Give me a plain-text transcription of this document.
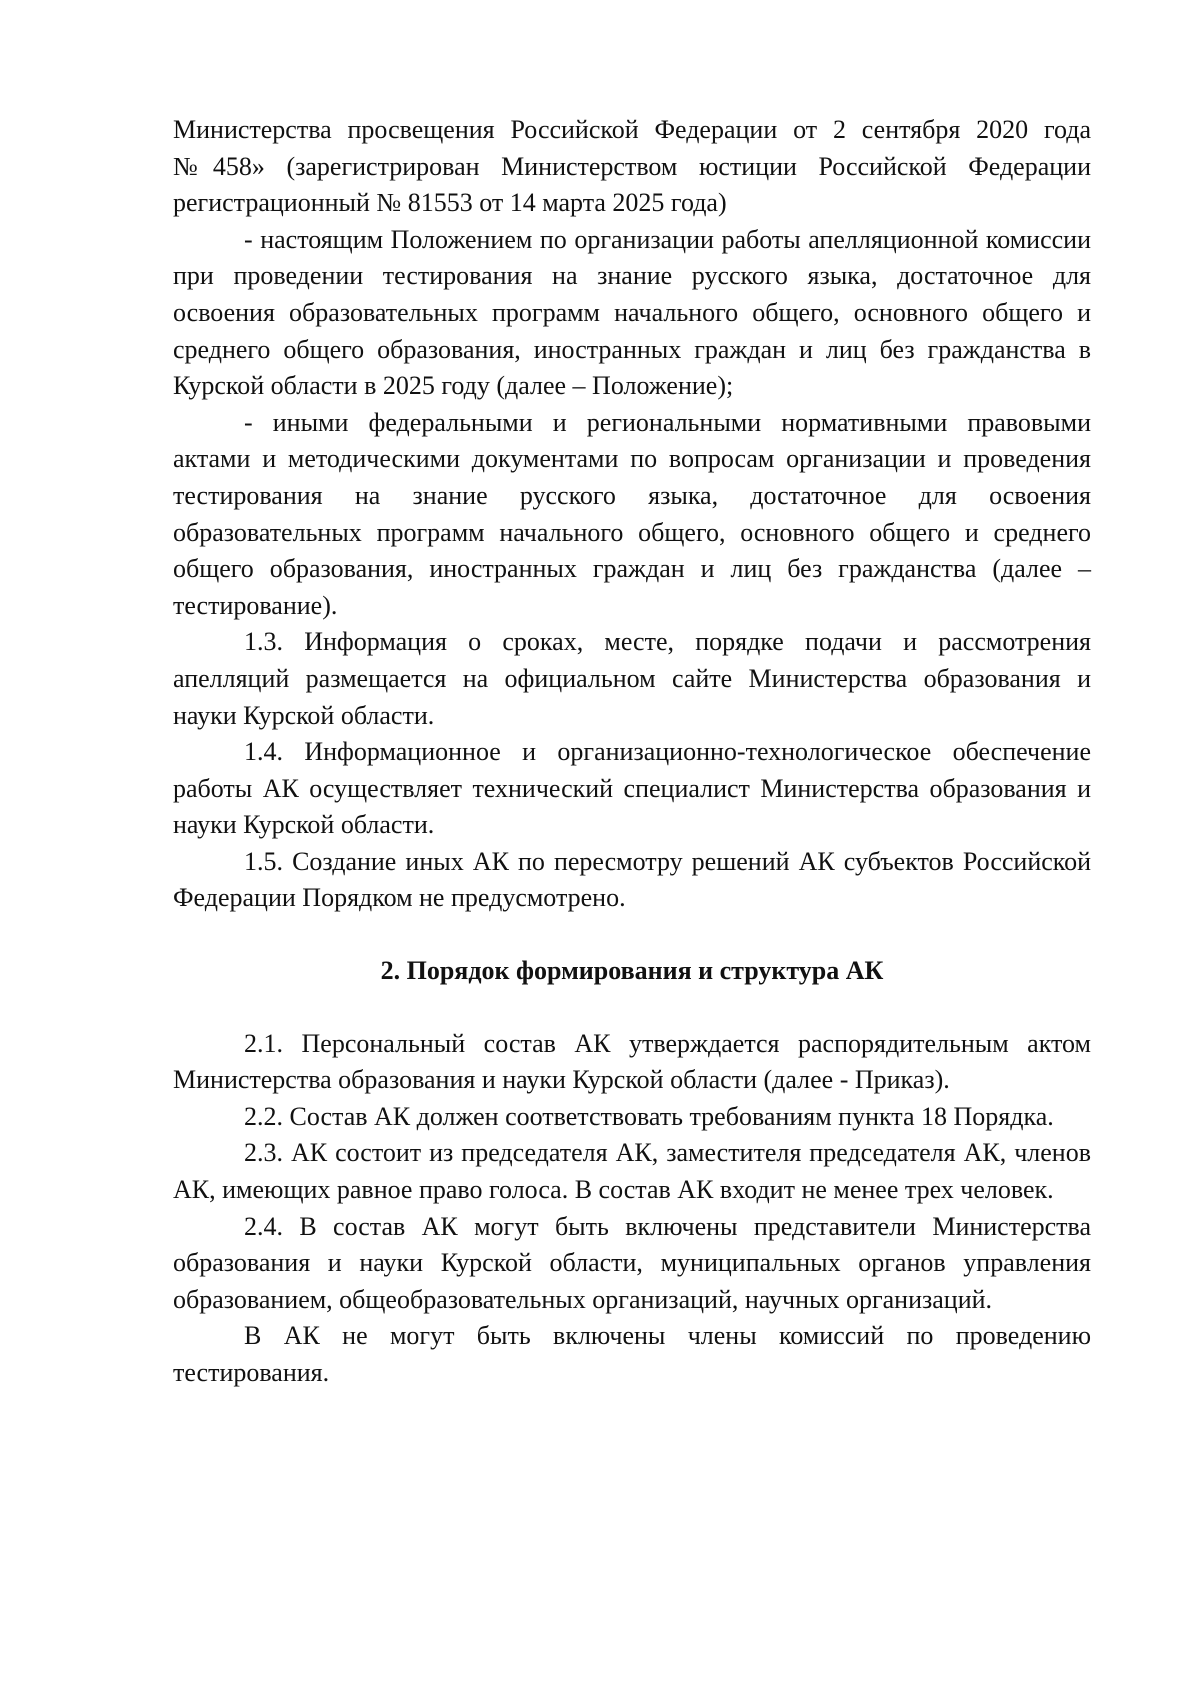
Министерства просвещения Российской Федерации от 2 сентября 2020 года №458» (зарегистрирован Министерством юстиции Российской Федерации регистрационный № 81553 от 14 марта 2025 года)

- настоящим Положением по организации работы апелляционной комиссии при проведении тестирования на знание русского языка, достаточное для освоения образовательных программ начального общего, основного общего и среднего общего образования, иностранных граждан и лиц без гражданства в Курской области в 2025 году (далее – Положение);

- иными федеральными и региональными нормативными правовыми актами и методическими документами по вопросам организации и проведения тестирования на знание русского языка, достаточное для освоения образовательных программ начального общего, основного общего и среднего общего образования, иностранных граждан и лиц без гражданства (далее – тестирование).

1.3. Информация о сроках, месте, порядке подачи и рассмотрения апелляций размещается на официальном сайте Министерства образования и науки Курской области.

1.4. Информационное и организационно-технологическое обеспечение работы АК осуществляет технический специалист Министерства образования и науки Курской области.

1.5. Создание иных АК по пересмотру решений АК субъектов Российской Федерации Порядком не предусмотрено.

2. Порядок формирования и структура АК

2.1. Персональный состав АК утверждается распорядительным актом Министерства образования и науки Курской области (далее - Приказ).

2.2. Состав АК должен соответствовать требованиям пункта 18 Порядка.

2.3. АК состоит из председателя АК, заместителя председателя АК, членов АК, имеющих равное право голоса. В состав АК входит не менее трех человек.

2.4. В состав АК могут быть включены представители Министерства образования и науки Курской области, муниципальных органов управления образованием, общеобразовательных организаций, научных организаций.

В АК не могут быть включены члены комиссий по проведению тестирования.
